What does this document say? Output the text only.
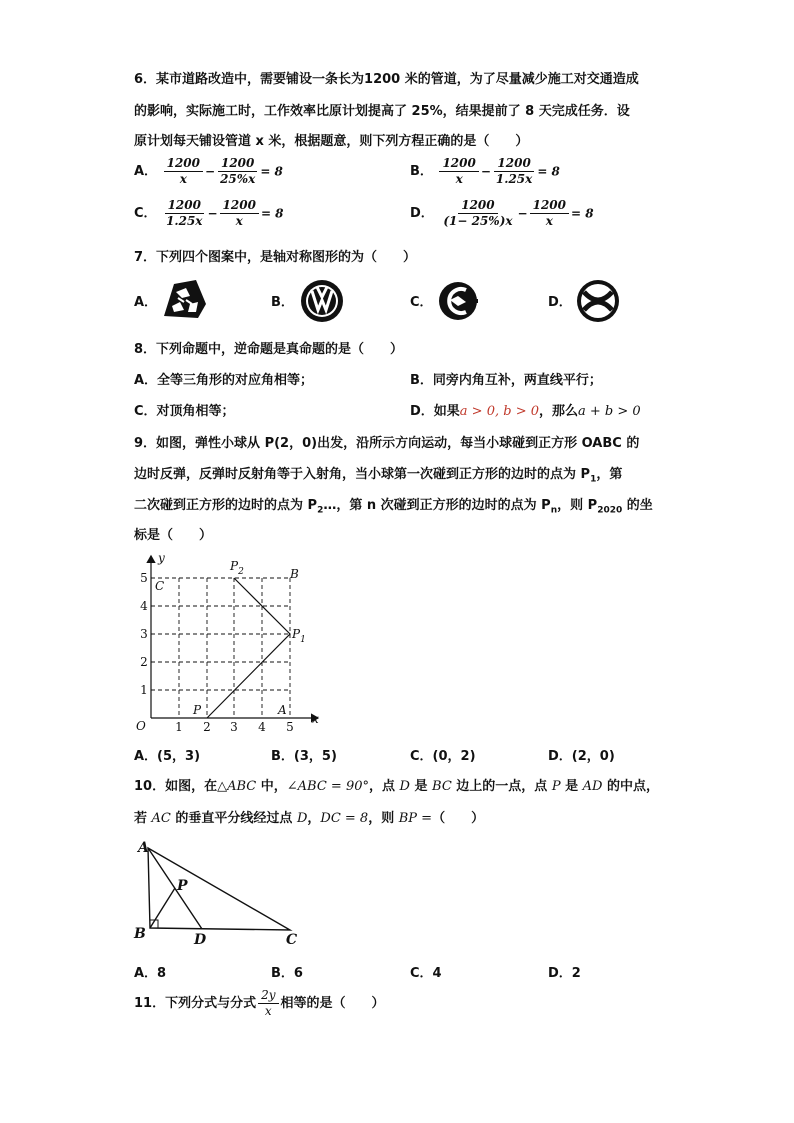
6．某市道路改造中，需要铺设一条长为1200 米的管道，为了尽量减少施工对交通造成
的影响，实际施工时，工作效率比原计划提高了 25%，结果提前了 8 天完成任务．设
原计划每天铺设管道 x 米，根据题意，则下列方程正确的是（　　）
A． $\frac{1200}{x} - \frac{1200}{25\%x} = 8$	B． $\frac{1200}{x} - \frac{1200}{1.25x} = 8$
C． $\frac{1200}{1.25x} - \frac{1200}{x} = 8$	D． $\frac{1200}{(1- 25\%)x} - \frac{1200}{x} = 8$
7．下列四个图案中，是轴对称图形的为（　　）
A．	B．	C．	D．
8．下列命题中，逆命题是真命题的是（　　）
A．全等三角形的对应角相等；	B．同旁内角互补，两直线平行；
C．对顶角相等；	D．如果a > 0, b > 0，那么a + b > 0
9．如图，弹性小球从 P(2，0)出发，沿所示方向运动，每当小球碰到正方形 OABC 的
边时反弹，反弹时反射角等于入射角，当小球第一次碰到正方形的边时的点为 $P_1$，第
二次碰到正方形的边时的点为 $P_2\dots$，第 n 次碰到正方形的边时的点为 $P_n$，则 $P_{2020}$ 的坐
标是（　　）
y
x
O
C
B
A
P
$P_1$
$P_2$
1 2 3 4 5
1
2
3
4
5
A．(5，3)	B．(3，5)	C．(0，2)	D．(2，0)
10．如图，在△ABC 中，∠ABC = 90°，点 D 是 BC 边上的一点，点 P 是 AD 的中点，
若 AC 的垂直平分线经过点 D，DC = 8，则 BP =（　　）
A
B	C
D
P
A．8	B．6	C．4	D．2
11．下列分式与分式 $\frac{2y}{x}$ 相等的是（　　）
